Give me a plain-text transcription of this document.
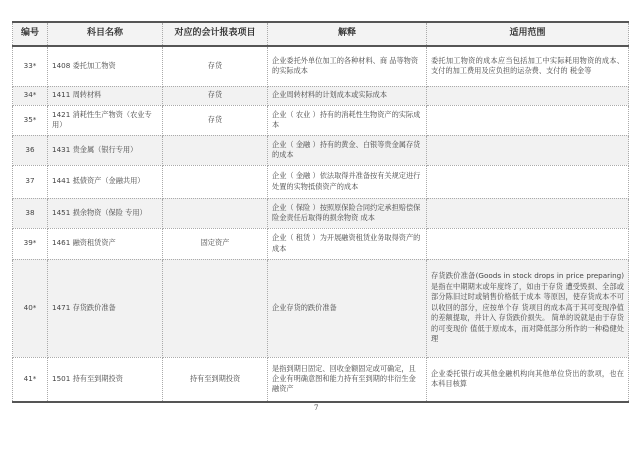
编号	科目名称	对应的会计报表项目	解释	适用范围
33*	1408 委托加工物资	存货	企业委托外单位加工的各种材料、商 品等物资的实际成本	委托加工物资的成本应当包括加工中实际耗用物资的成本、支付的加工费用及应负担的运杂费、支付的 税金等
34*	1411 周转材料	存货	企业周转材料的计划成本或实际成本	
35*	1421 消耗性生产物资（农业专用）	存货	企业（ 农业 ）持有的消耗性生物资产的实际成本	
36	1431 贵金属（银行专用）		企业（ 金融 ）持有的黄金、白银等贵金属存货的成本	
37	1441 抵债资产（金融共用）		企业（ 金融 ）依法取得并准备按有关规定进行处置的实物抵债资产的成本	
38	1451 损余物资（保险 专用）		企业（ 保险 ）按照原保险合同约定承担赔偿保险金责任后取得的损余物资 成本	
39*	1461 融资租赁资产	固定资产	企业（ 租赁 ）为开展融资租赁业务取得资产的成本	
40*	1471 存货跌价准备		企业存货的跌价准备	存货跌价准备(Goods in stock drops in price preparing)是指在中期期末或年度终了，如由于存货 遭受毁损、全部或部分陈旧过时或销售价格低于成本 等原因，使存货成本不可以收回的部分，应按单个存 货项目的成本高于其可变现净值的差额提取，并计入 存货跌价损失。 简单的说就是由于存货的可变现价 值低于原成本，而对降低部分所作的一种稳健处理
41*	1501 持有至到期投资	持有至到期投资	是指到期日固定、回收金额固定或可确定，且企业有明确意图和能力持有至到期的非衍生金融资产	企业委托银行或其他金融机构向其他单位贷出的款项，也在本科目核算
7
